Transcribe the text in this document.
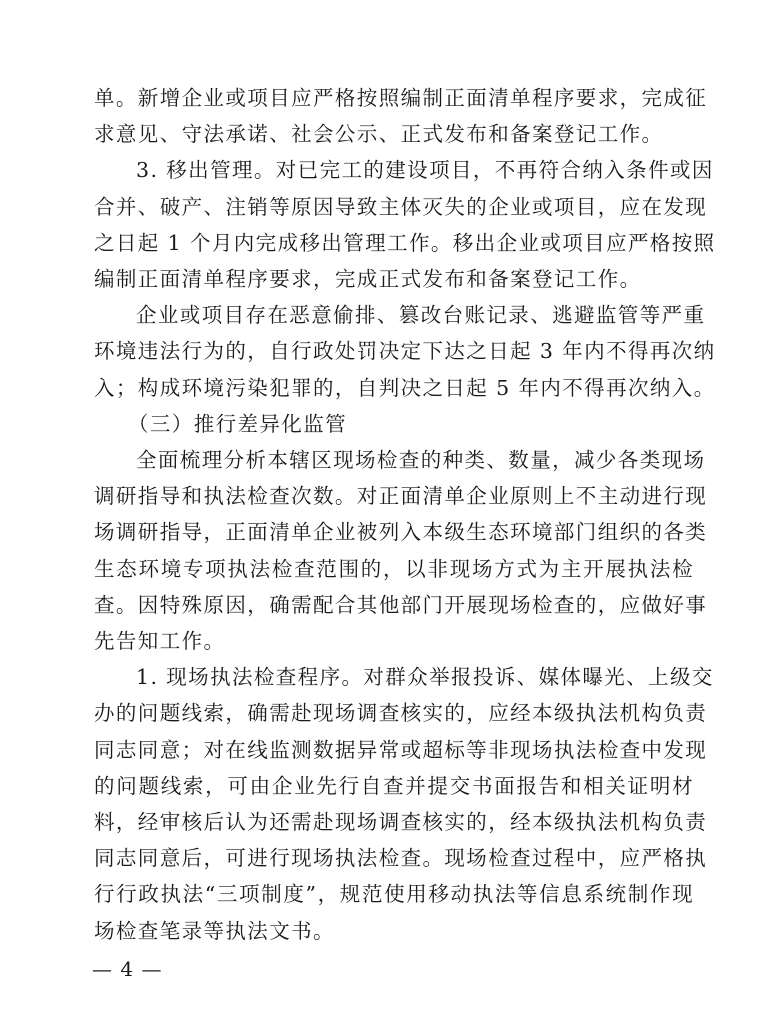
单。新增企业或项目应严格按照编制正面清单程序要求，完成征
求意见、守法承诺、社会公示、正式发布和备案登记工作。
3. 移出管理。对已完工的建设项目，不再符合纳入条件或因
合并、破产、注销等原因导致主体灭失的企业或项目，应在发现
之日起 1 个月内完成移出管理工作。移出企业或项目应严格按照
编制正面清单程序要求，完成正式发布和备案登记工作。
企业或项目存在恶意偷排、篡改台账记录、逃避监管等严重
环境违法行为的，自行政处罚决定下达之日起 3 年内不得再次纳
入；构成环境污染犯罪的，自判决之日起 5 年内不得再次纳入。
（三）推行差异化监管
全面梳理分析本辖区现场检查的种类、数量，减少各类现场
调研指导和执法检查次数。对正面清单企业原则上不主动进行现
场调研指导，正面清单企业被列入本级生态环境部门组织的各类
生态环境专项执法检查范围的，以非现场方式为主开展执法检
查。因特殊原因，确需配合其他部门开展现场检查的，应做好事
先告知工作。
1. 现场执法检查程序。对群众举报投诉、媒体曝光、上级交
办的问题线索，确需赴现场调查核实的，应经本级执法机构负责
同志同意；对在线监测数据异常或超标等非现场执法检查中发现
的问题线索，可由企业先行自查并提交书面报告和相关证明材
料，经审核后认为还需赴现场调查核实的，经本级执法机构负责
同志同意后，可进行现场执法检查。现场检查过程中，应严格执
行行政执法“三项制度”，规范使用移动执法等信息系统制作现
场检查笔录等执法文书。
— 4 —
